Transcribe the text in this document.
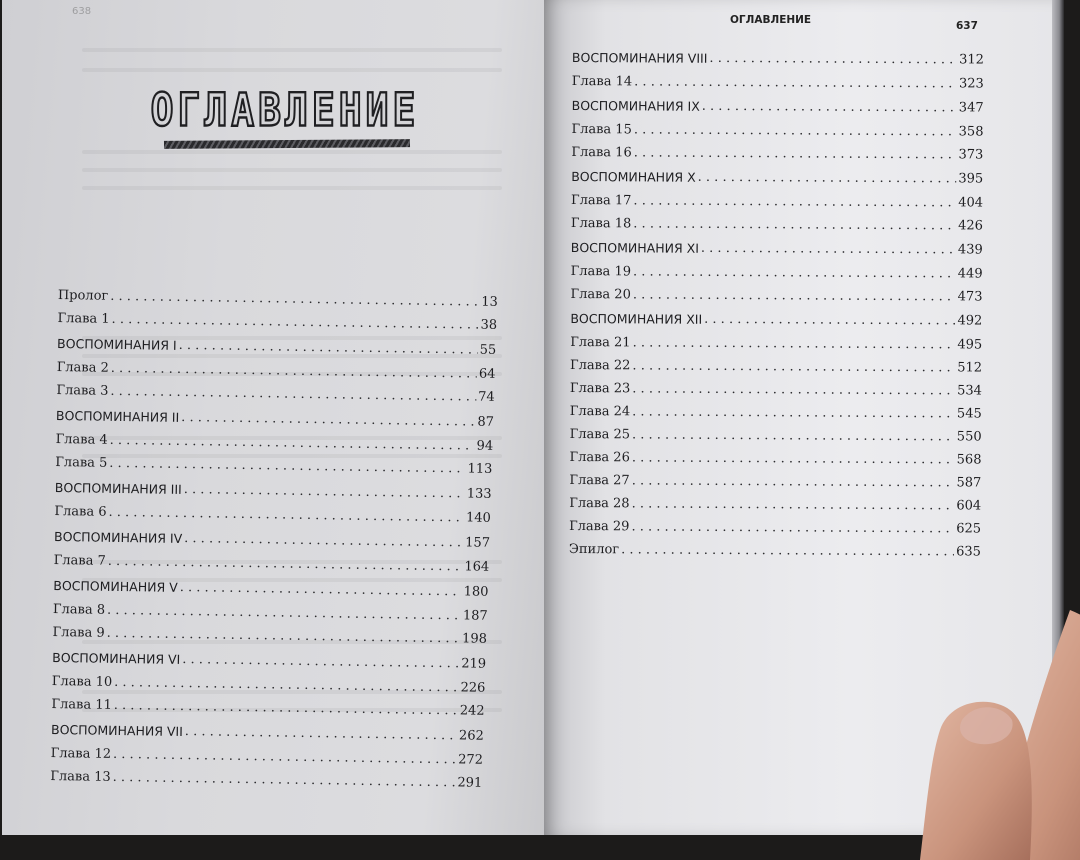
638
ОГЛАВЛЕНИЕ
Пролог . . .	13
Глава 1 . . .	38
ВОСПОМИНАНИЯ I . . .	55
Глава 2 . . .	64
Глава 3 . . .	74
ВОСПОМИНАНИЯ II . . .	87
Глава 4 . . .	94
Глава 5 . . .	113
ВОСПОМИНАНИЯ III . . .	133
Глава 6 . . .	140
ВОСПОМИНАНИЯ IV . . .	157
Глава 7 . . .	164
ВОСПОМИНАНИЯ V . . .	180
Глава 8 . . .	187
Глава 9 . . .	198
ВОСПОМИНАНИЯ VI . . .	219
Глава 10 . . .	226
Глава 11 . . .	242
ВОСПОМИНАНИЯ VII . . .	262
Глава 12 . . .	272
Глава 13 . . .	291
ОГЛАВЛЕНИЕ	637
ВОСПОМИНАНИЯ VIII . . .	312
Глава 14 . . .	323
ВОСПОМИНАНИЯ IX . . .	347
Глава 15 . . .	358
Глава 16 . . .	373
ВОСПОМИНАНИЯ X . . .	395
Глава 17 . . .	404
Глава 18 . . .	426
ВОСПОМИНАНИЯ XI . . .	439
Глава 19 . . .	449
Глава 20 . . .	473
ВОСПОМИНАНИЯ XII . . .	492
Глава 21 . . .	495
Глава 22 . . .	512
Глава 23 . . .	534
Глава 24 . . .	545
Глава 25 . . .	550
Глава 26 . . .	568
Глава 27 . . .	587
Глава 28 . . .	604
Глава 29 . . .	625
Эпилог . . .	635
